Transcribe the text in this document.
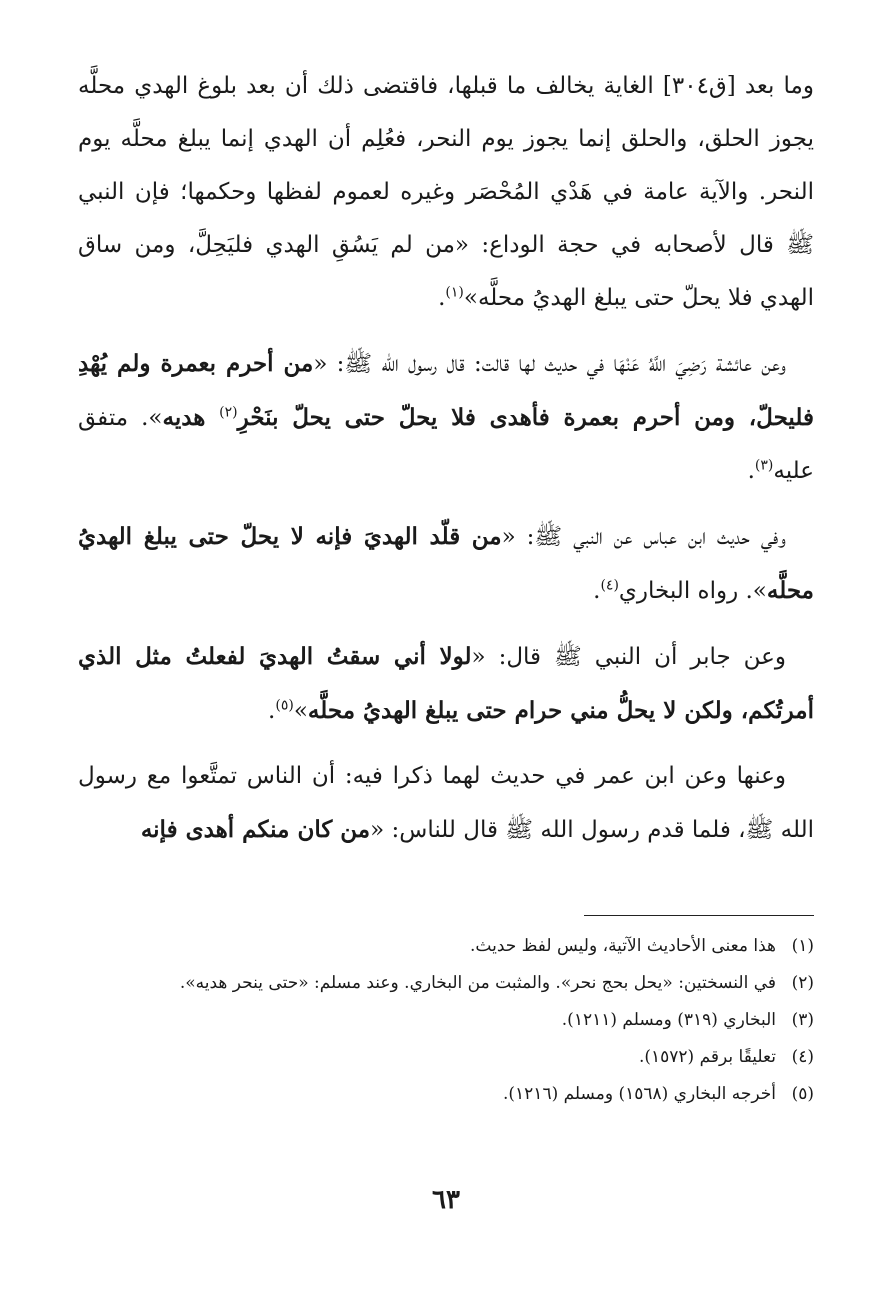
وما بعد [ق٣٠٤] الغاية يخالف ما قبلها، فاقتضى ذلك أن بعد بلوغ الهدي محلَّه يجوز الحلق، والحلق إنما يجوز يوم النحر، فعُلِم أن الهدي إنما يبلغ محلَّه يوم النحر. والآية عامة في هَدْي المُحْصَر وغيره لعموم لفظها وحكمها؛ فإن النبي ﷺ قال لأصحابه في حجة الوداع: «من لم يَسُقِ الهدي فليَحِلَّ، ومن ساق الهدي فلا يحلّ حتى يبلغ الهديُ محلَّه»$^{(١)}$.

وعن عائشة رَضِيَ اللَّهُ عَنْهَا في حديث لها قالت: قال رسول الله ﷺ: «من أحرم بعمرة ولم يُهْدِ فليحلّ، ومن أحرم بعمرة فأهدى فلا يحلّ حتى يحلّ بنَحْرِ$^{(٢)}$ هديه». متفق عليه$^{(٣)}$.

وفي حديث ابن عباس عن النبي ﷺ: «من قلّد الهديَ فإنه لا يحلّ حتى يبلغ الهديُ محلَّه». رواه البخاري$^{(٤)}$.

وعن جابر أن النبي ﷺ قال: «لولا أني سقتُ الهديَ لفعلتُ مثل الذي أمرتُكم، ولكن لا يحلُّ مني حرام حتى يبلغ الهديُ محلَّه»$^{(٥)}$.

وعنها وعن ابن عمر في حديث لهما ذكرا فيه: أن الناس تمتَّعوا مع رسول الله ﷺ، فلما قدم رسول الله ﷺ قال للناس: «من كان منكم أهدى فإنه

(١)
هذا معنى الأحاديث الآتية، وليس لفظ حديث.
(٢)
في النسختين: «يحل بحج نحر». والمثبت من البخاري. وعند مسلم: «حتى ينحر هديه».
(٣)
البخاري (٣١٩) ومسلم (١٢١١).
(٤)
تعليقًا برقم (١٥٧٢).
(٥)
أخرجه البخاري (١٥٦٨) ومسلم (١٢١٦).
٦٣
